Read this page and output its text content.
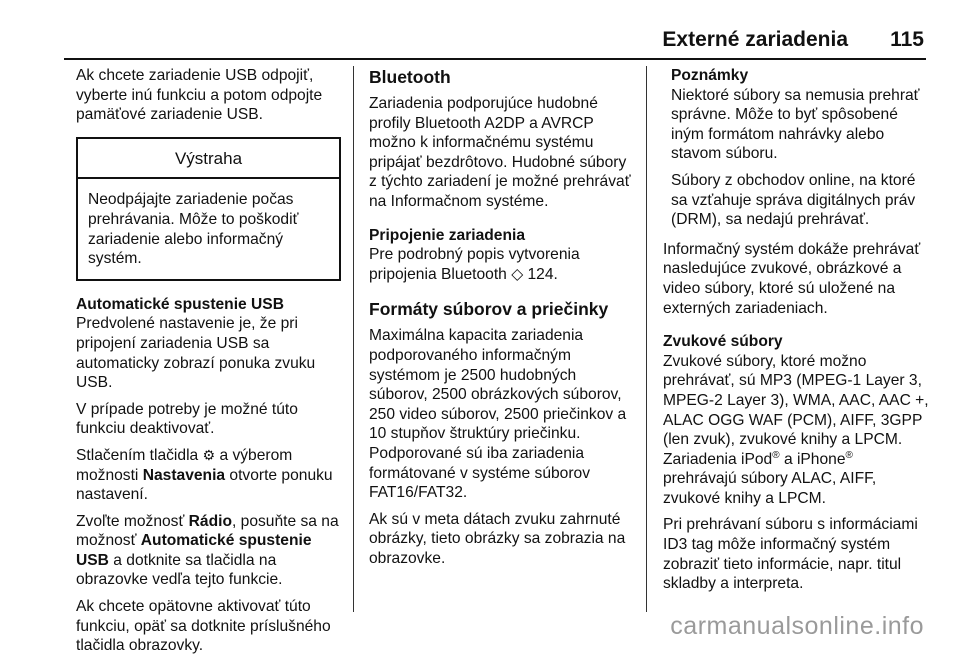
Externé zariadenia 115

Ak chcete zariadenie USB odpojiť, vyberte inú funkciu a potom odpojte pamäťové zariadenie USB.

Výstraha
Neodpájajte zariadenie počas prehrávania. Môže to poškodiť zariadenie alebo informačný systém.
Automatické spustenie USB

Predvolené nastavenie je, že pri pripojení zariadenia USB sa automaticky zobrazí ponuka zvuku USB.

V prípade potreby je možné túto funkciu deaktivovať.

Stlačením tlačidla ⚙ a výberom možnosti Nastavenia otvorte ponuku nastavení.

Zvoľte možnosť Rádio, posuňte sa na možnosť Automatické spustenie USB a dotknite sa tlačidla na obrazovke vedľa tejto funkcie.

Ak chcete opätovne aktivovať túto funkciu, opäť sa dotknite príslušného tlačidla obrazovky.

Bluetooth

Zariadenia podporujúce hudobné profily Bluetooth A2DP a AVRCP možno k informačnému systému pripájať bezdrôtovo. Hudobné súbory z týchto zariadení je možné prehrávať na Informačnom systéme.

Pripojenie zariadenia

Pre podrobný popis vytvorenia pripojenia Bluetooth ◇ 124.

Formáty súborov a priečinky

Maximálna kapacita zariadenia podporovaného informačným systémom je 2500 hudobných súborov, 2500 obrázkových súborov, 250 video súborov, 2500 priečinkov a 10 stupňov štruktúry priečinku. Podporované sú iba zariadenia formátované v systéme súborov FAT16/FAT32.

Ak sú v meta dátach zvuku zahrnuté obrázky, tieto obrázky sa zobrazia na obrazovke.

Poznámky

Niektoré súbory sa nemusia prehrať správne. Môže to byť spôsobené iným formátom nahrávky alebo stavom súboru.

Súbory z obchodov online, na ktoré sa vzťahuje správa digitálnych práv (DRM), sa nedajú prehrávať.

Informačný systém dokáže prehrávať nasledujúce zvukové, obrázkové a video súbory, ktoré sú uložené na externých zariadeniach.

Zvukové súbory

Zvukové súbory, ktoré možno prehrávať, sú MP3 (MPEG-1 Layer 3, MPEG-2 Layer 3), WMA, AAC, AAC +, ALAC OGG WAF (PCM), AIFF, 3GPP (len zvuk), zvukové knihy a LPCM. Zariadenia iPod® a iPhone® prehrávajú súbory ALAC, AIFF, zvukové knihy a LPCM.

Pri prehrávaní súboru s informáciami ID3 tag môže informačný systém zobraziť tieto informácie, napr. titul skladby a interpreta.

carmanualsonline.info
